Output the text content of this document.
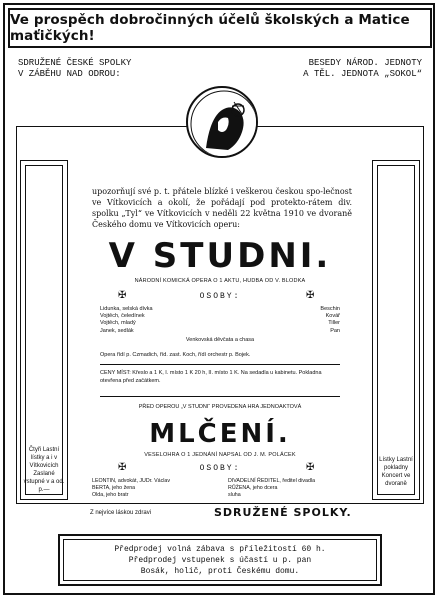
Ve prospěch dobročinných účelů školských a Matice maťičkých!
SDRUŽENÉ ČESKÉ SPOLKY
V ZÁBĚHU NAD ODROU:
BESEDY NÁROD. JEDNOTY
A TĚL. JEDNOTA „SOKOL“
Čtyři Lastní lístky a i v Vítkovicích Zaslané vstupné v a od. p.—
Lístky Lastní pokladny Koncert ve dvoraně
upozorňují své p. t. přátele blízké i veškerou českou spo-lečnost ve Vítkovicích a okolí, že pořádají pod protekto-rátem div. spolku „Tyl“ ve Vítkovicích v neděli 22 května 1910 ve dvoraně Českého domu ve Vítkovicích operu:
V STUDNI.
NÁRODNÍ KOMICKÁ OPERA O 1 AKTU, HUDBA OD V. BLODKA
✠	✠
OSOBY:
Lidunka, selská dívka	Beschin
Vojtěch, čeledínek	Kovář
Vojtěch, mladý	Tiller
Janek, sedlák	Pan
Venkovská děvčata a chasa
Opera řídí p. Czmadich, říd. zast. Koch, řídí orchestr p. Bojek.
CENY MÍST: Křeslo a 1 K, I. místo 1 K 20 h, II. místo 1 K. Na sedadla u kabinetu. Pokladna otevřena před začátkem.
PŘED OPEROU „V STUDNI“ PROVEDENA HRA JEDNOAKTOVÁ
MLČENÍ.
VESELOHRA O 1 JEDNÁNÍ NAPSAL OD J. M. POLÁCEK
✠	✠
OSOBY:
LEONTIN, advokát, JUDr. Václav
BERTA, jeho žena
Olda, jeho bratr
DIVADELNÍ ŘEDITEL, ředitel divadla
RŮŽENA, jeho dcera
sluha
Z nejvíce láskou zdravi	SDRUŽENÉ SPOLKY.

Předprodej volná zábava s příležitostí 60 h.
Předprodej vstupenek s účastí u p. pan
Bosák, holič, proti Českému domu.
